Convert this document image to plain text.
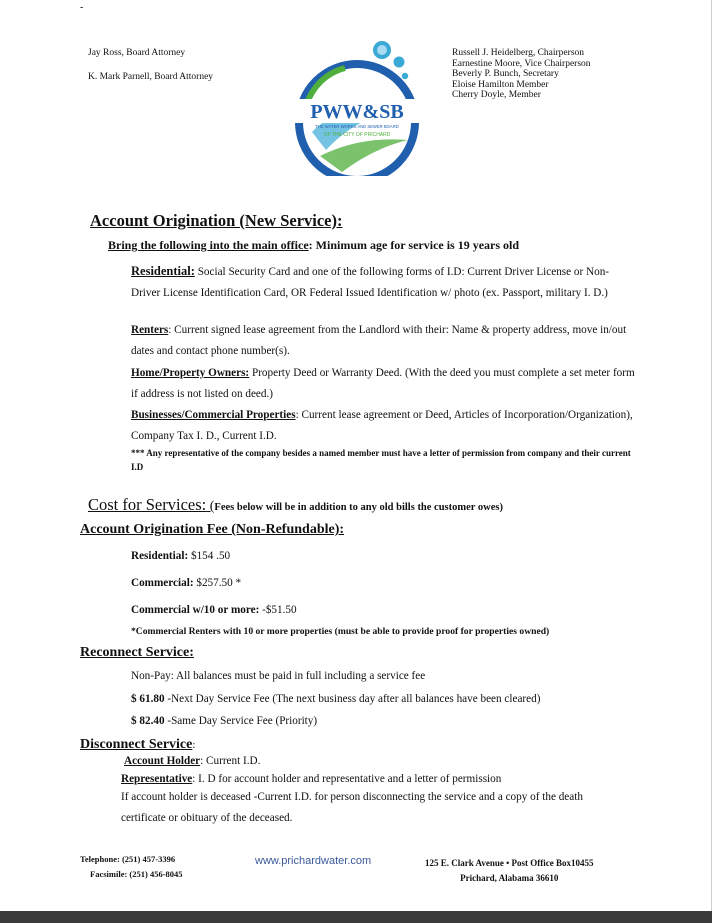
-
Jay Ross, Board Attorney
K. Mark Parnell, Board Attorney
PWW&SB
THE WATER WORKS AND SEWER BOARD
OF THE CITY OF PRICHARD
Russell J. Heidelberg, Chairperson
Earnestine Moore, Vice Chairperson
Beverly P. Bunch, Secretary
Eloise Hamilton Member
Cherry Doyle, Member
Account Origination (New Service):
Bring the following into the main office: Minimum age for service is 19 years old
Residential: Social Security Card and one of the following forms of I.D: Current Driver License or Non-Driver License Identification Card, OR Federal Issued Identification w/ photo (ex. Passport, military I. D.)
Renters: Current signed lease agreement from the Landlord with their: Name & property address, move in/out dates and contact phone number(s).
Home/Property Owners: Property Deed or Warranty Deed. (With the deed you must complete a set meter form if address is not listed on deed.)
Businesses/Commercial Properties: Current lease agreement or Deed, Articles of Incorporation/Organization), Company Tax I. D., Current I.D.
*** Any representative of the company besides a named member must have a letter of permission from company and their current I.D
Cost for Services: (Fees below will be in addition to any old bills the customer owes)
Account Origination Fee (Non-Refundable):
Residential: $154 .50
Commercial: $257.50 *
Commercial w/10 or more: -$51.50
*Commercial Renters with 10 or more properties (must be able to provide proof for properties owned)
Reconnect Service:
Non-Pay: All balances must be paid in full including a service fee
$ 61.80 -Next Day Service Fee (The next business day after all balances have been cleared)
$ 82.40 -Same Day Service Fee (Priority)
Disconnect Service:
Account Holder: Current I.D.
Representative: I. D for account holder and representative and a letter of permission
If account holder is deceased -Current I.D. for person disconnecting the service and a copy of the death certificate or obituary of the deceased.
Telephone: (251) 457-3396
Facsimile: (251) 456-8045
www.prichardwater.com	125 E. Clark Avenue • Post Office Box10455
Prichard, Alabama 36610
